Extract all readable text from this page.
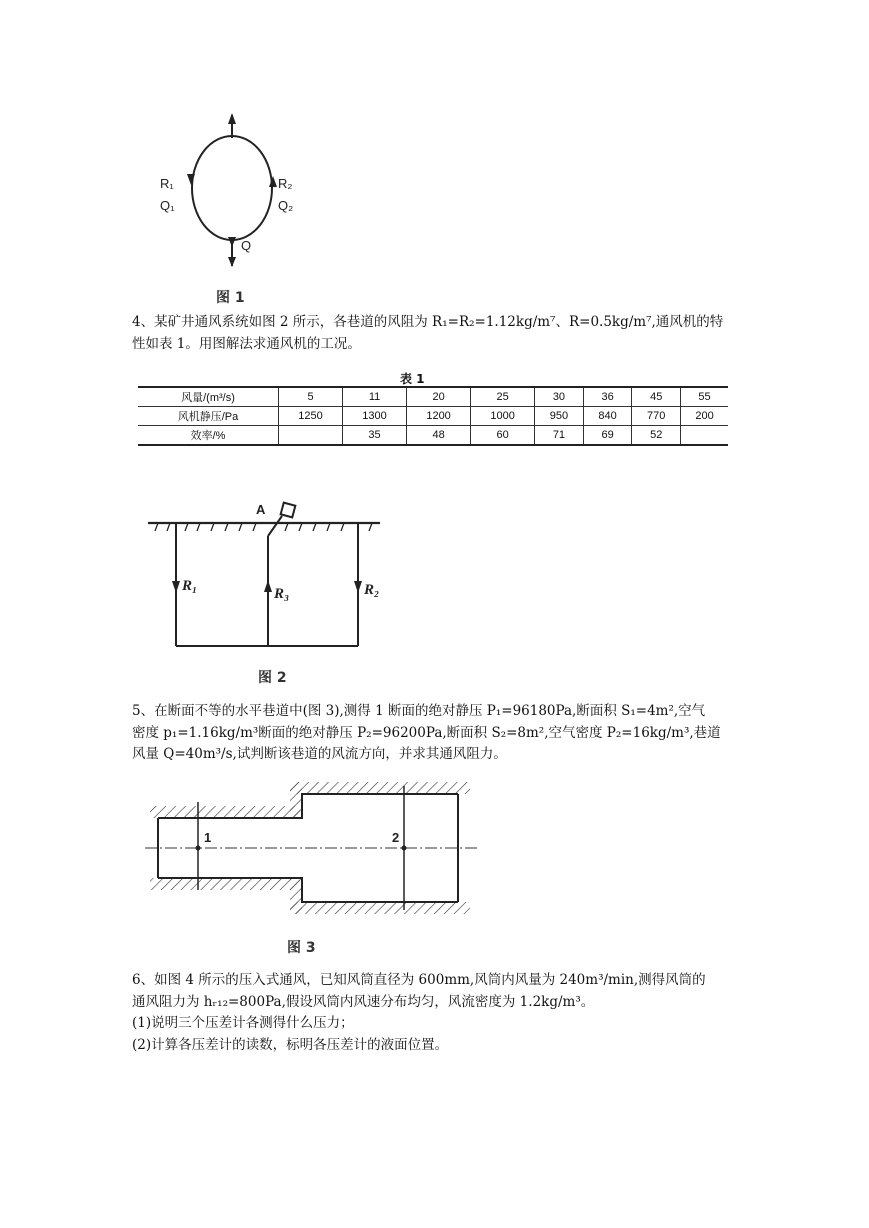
R₁
Q₁
R₂
Q₂
Q
图 1
4、某矿井通风系统如图 2 所示，各巷道的风阻为 R₁=R₂=1.12kg/m⁷、R=0.5kg/m⁷,通风机的特
性如表 1。用图解法求通风机的工况。
表 1
风量/(m³/s)	5	11	20	25	30	36	45	55
风机静压/Pa	1250	1300	1200	1000	950	840	770	200
效率/%		35	48	60	71	69	52	
A
R₁	R₃	R₂
图 2
5、在断面不等的水平巷道中(图 3),测得 1 断面的绝对静压 P₁=96180Pa,断面积 S₁=4m²,空气
密度 p₁=1.16kg/m³断面的绝对静压 P₂=96200Pa,断面积 S₂=8m²,空气密度 P₂=16kg/m³,巷道
风量 Q=40m³/s,试判断该巷道的风流方向，并求其通风阻力。
1	2
图 3
6、如图 4 所示的压入式通风，已知风筒直径为 600mm,风筒内风量为 240m³/min,测得风筒的
通风阻力为 hᵣ₁₂=800Pa,假设风筒内风速分布均匀，风流密度为 1.2kg/m³。
(1)说明三个压差计各测得什么压力；
(2)计算各压差计的读数，标明各压差计的液面位置。
